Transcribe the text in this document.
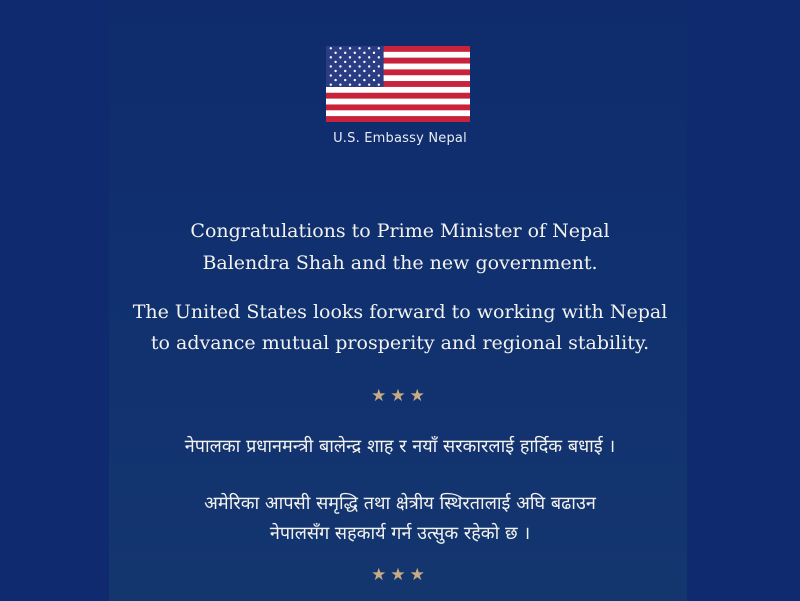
U.S. Embassy Nepal
Congratulations to Prime Minister of Nepal
Balendra Shah and the new government.
The United States looks forward to working with Nepal
to advance mutual prosperity and regional stability.
★★★
नेपालका प्रधानमन्त्री बालेन्द्र शाह र नयाँ सरकारलाई हार्दिक बधाई ।
अमेरिका आपसी समृद्धि तथा क्षेत्रीय स्थिरतालाई अघि बढाउन
नेपालसँग सहकार्य गर्न उत्सुक रहेको छ ।
★★★
